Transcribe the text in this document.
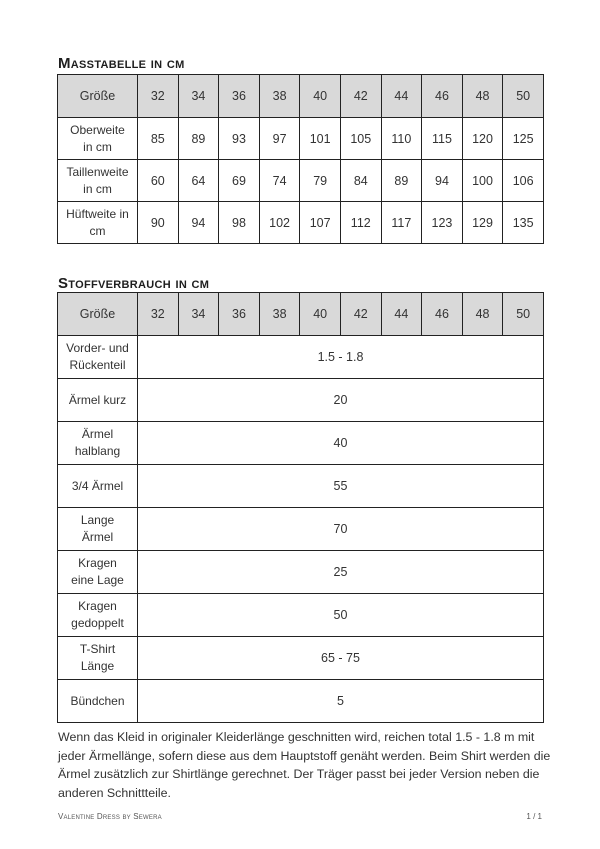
Masstabelle in cm
Größe	32	34	36	38	40	42	44	46	48	50
Oberweite
in cm	85	89	93	97	101	105	110	115	120	125
Taillenweite
in cm	60	64	69	74	79	84	89	94	100	106
Hüftweite in
cm	90	94	98	102	107	112	117	123	129	135
Stoffverbrauch in cm
Größe	32	34	36	38	40	42	44	46	48	50
Vorder- und
Rückenteil	1.5 - 1.8									
Ärmel kurz	20									
Ärmel
halblang	40									
3/4 Ärmel	55									
Lange
Ärmel	70									
Kragen
eine Lage	25									
Kragen
gedoppelt	50									
T-Shirt
Länge	65 - 75									
Bündchen	5									
Wenn das Kleid in originaler Kleiderlänge geschnitten wird, reichen total 1.5 - 1.8 m mit jeder Ärmellänge, sofern diese aus dem Hauptstoff genäht werden. Beim Shirt werden die Ärmel zusätzlich zur Shirtlänge gerechnet. Der Träger passt bei jeder Version neben die anderen Schnittteile.
Valentine Dress by Sewera	1 / 1
